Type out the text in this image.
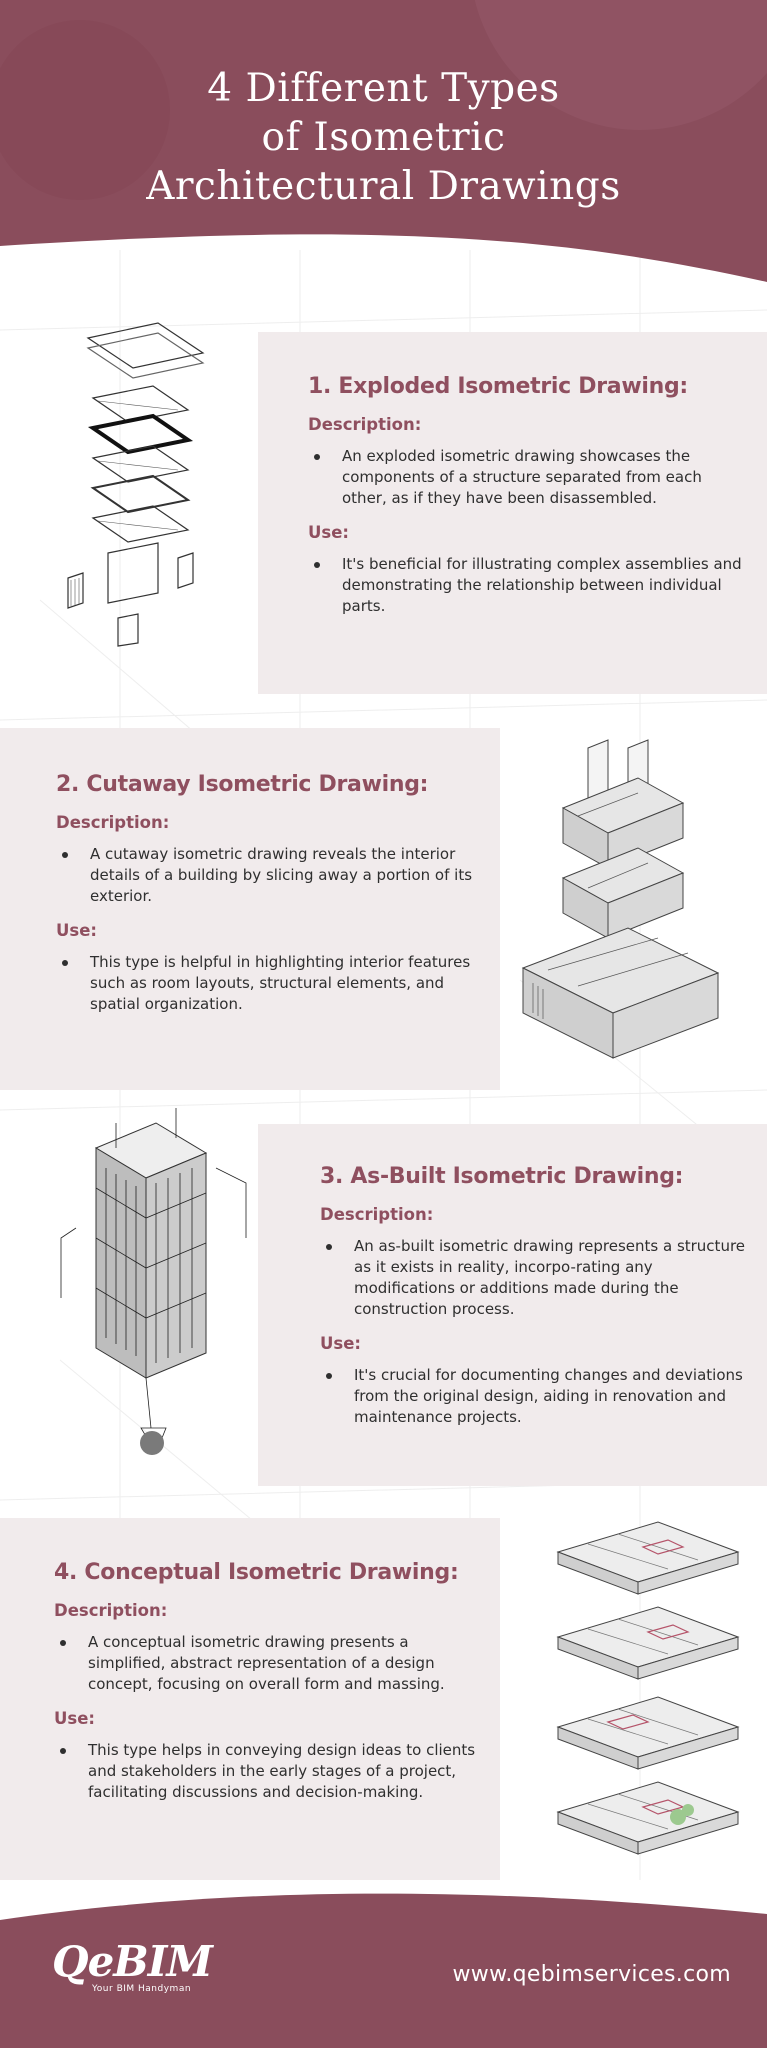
4 Different Types
of Isometric
Architectural Drawings
1. Exploded Isometric Drawing:
Description:
An exploded isometric drawing showcases the components of a structure separated from each other, as if they have been disassembled.
Use:
It's beneficial for illustrating complex assemblies and demonstrating the relationship between individual parts.
2. Cutaway Isometric Drawing:
Description:
A cutaway isometric drawing reveals the interior details of a building by slicing away a portion of its exterior.
Use:
This type is helpful in highlighting interior features such as room layouts, structural elements, and spatial organization.
3. As-Built Isometric Drawing:
Description:
An as-built isometric drawing represents a structure as it exists in reality, incorpo-rating any modifications or additions made during the construction process.
Use:
It's crucial for documenting changes and deviations from the original design, aiding in renovation and maintenance projects.
4. Conceptual Isometric Drawing:
Description:
A conceptual isometric drawing presents a simplified, abstract representation of a design concept, focusing on overall form and massing.
Use:
This type helps in conveying design ideas to clients and stakeholders in the early stages of a project, facilitating discussions and decision-making.
QeBIM
Your BIM Handyman
www.qebimservices.com
